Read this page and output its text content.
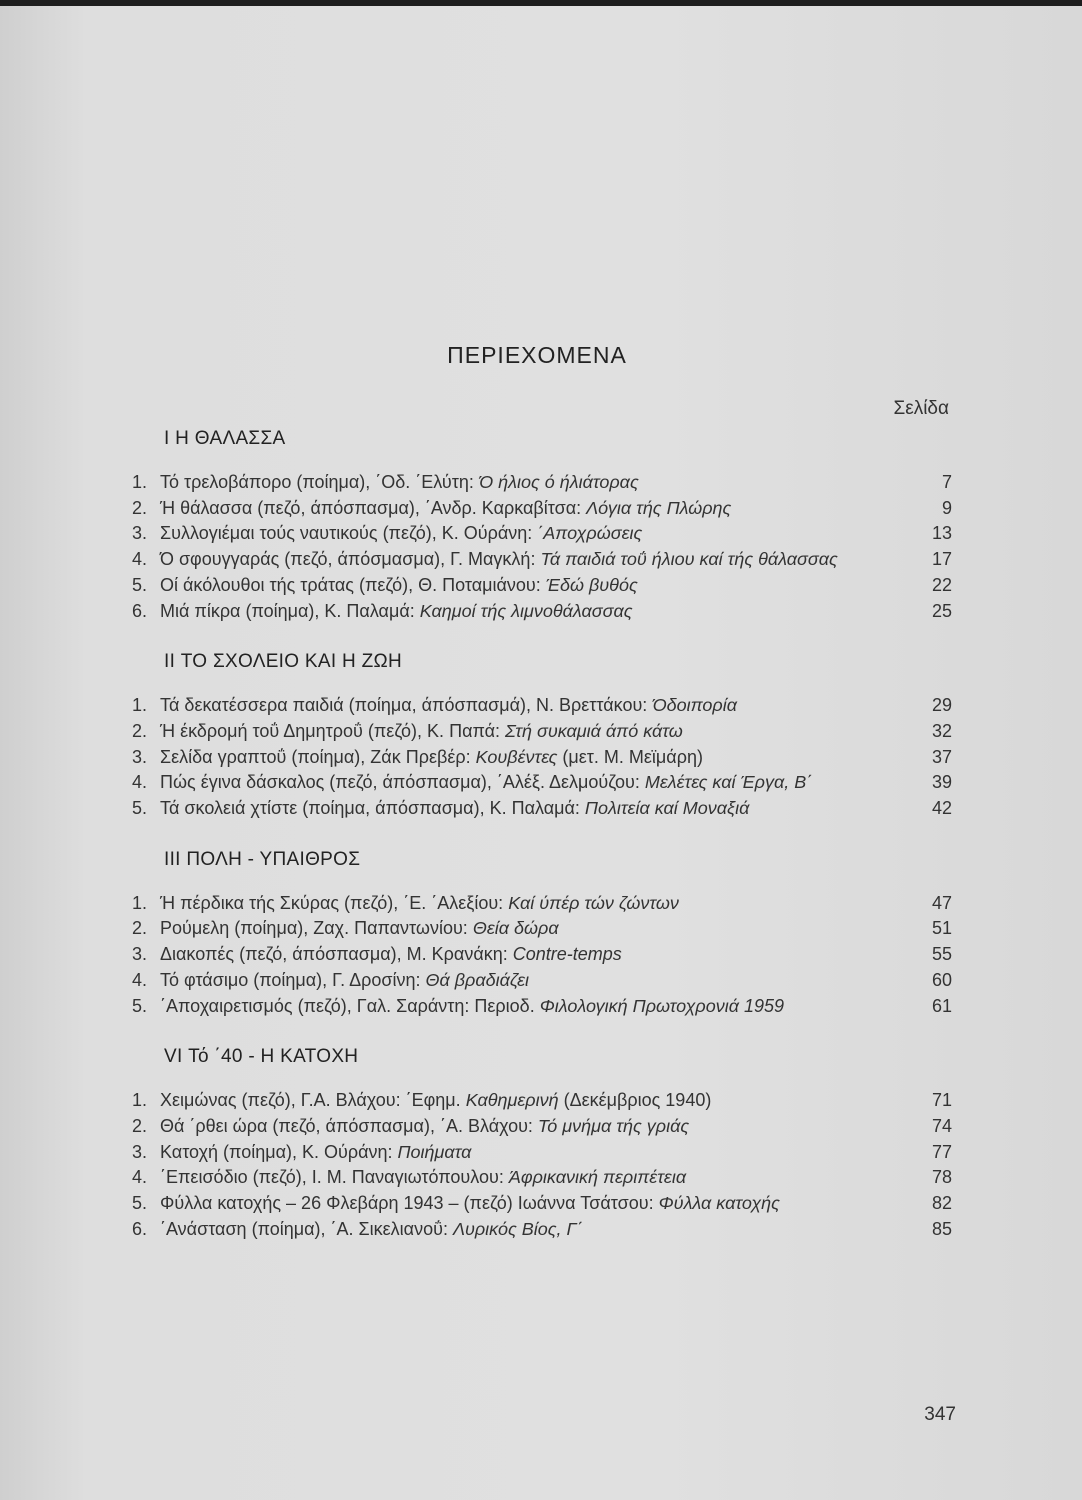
ΠΕΡΙΕΧΟΜΕΝΑ
Σελίδα
I Η ΘΑΛΑΣΣΑ
1. Τό τρελοβάπορο (ποίημα), ΄Οδ. ΄Ελύτη: Ό ήλιος ό ήλιάτορας	7
2. Ή θάλασσα (πεζό, άπόσπασμα), ΄Ανδρ. Καρκαβίτσα: Λόγια τής Πλώρης	9
3. Συλλογιέμαι τούς ναυτικούς (πεζό), Κ. Ούράνη: ΄Αποχρώσεις	13
4. Ό σφουγγαράς (πεζό, άπόσμασμα), Γ. Μαγκλή: Τά παιδιά τοΰ ήλιου καί τής θάλασσας	17
5. Οί άκόλουθοι τής τράτας (πεζό), Θ. Ποταμιάνου: Έδώ βυθός	22
6. Μιά πίκρα (ποίημα), Κ. Παλαμά: Καημοί τής λιμνοθάλασσας	25
II ΤΟ ΣΧΟΛΕΙΟ ΚΑΙ Η ΖΩΗ
1. Τά δεκατέσσερα παιδιά (ποίημα, άπόσπασμά), Ν. Βρεττάκου: Όδοιπορία	29
2. Ή έκδρομή τοΰ Δημητροΰ (πεζό), Κ. Παπά: Στή συκαμιά άπό κάτω	32
3. Σελίδα γραπτοΰ (ποίημα), Ζάκ Πρεβέρ: Κουβέντες (μετ. Μ. Μεϊμάρη)	37
4. Πώς έγινα δάσκαλος (πεζό, άπόσπασμα), ΄Αλέξ. Δελμούζου: Μελέτες καί Έργα, Β΄	39
5. Τά σκολειά χτίστε (ποίημα, άπόσπασμα), Κ. Παλαμά: Πολιτεία καί Μοναξιά	42
III ΠΟΛΗ - ΥΠΑΙΘΡΟΣ
1. Ή πέρδικα τής Σκύρας (πεζό), ΄Ε. ΄Αλεξίου: Καί ύπέρ τών ζώντων	47
2. Ρούμελη (ποίημα), Ζαχ. Παπαντωνίου: Θεία δώρα	51
3. Διακοπές (πεζό, άπόσπασμα), Μ. Κρανάκη: Contre-temps	55
4. Τό φτάσιμο (ποίημα), Γ. Δροσίνη: Θά βραδιάζει	60
5. ΄Αποχαιρετισμός (πεζό), Γαλ. Σαράντη: Περιοδ. Φιλολογική Πρωτοχρονιά 1959	61
VI Τό ΄40 - Η ΚΑΤΟΧΗ
1. Χειμώνας (πεζό), Γ.Α. Βλάχου: ΄Εφημ. Καθημερινή (Δεκέμβριος 1940)	71
2. Θά ΄ρθει ώρα (πεζό, άπόσπασμα), ΄Α. Βλάχου: Τό μνήμα τής γριάς	74
3. Κατοχή (ποίημα), Κ. Ούράνη: Ποιήματα	77
4. ΄Επεισόδιο (πεζό), Ι. Μ. Παναγιωτόπουλου: Άφρικανική περιπέτεια	78
5. Φύλλα κατοχής – 26 Φλεβάρη 1943 – (πεζό) Ιωάννα Τσάτσου: Φύλλα κατοχής	82
6. ΄Ανάσταση (ποίημα), ΄Α. Σικελιανοΰ: Λυρικός Βίος, Γ΄	85
347
